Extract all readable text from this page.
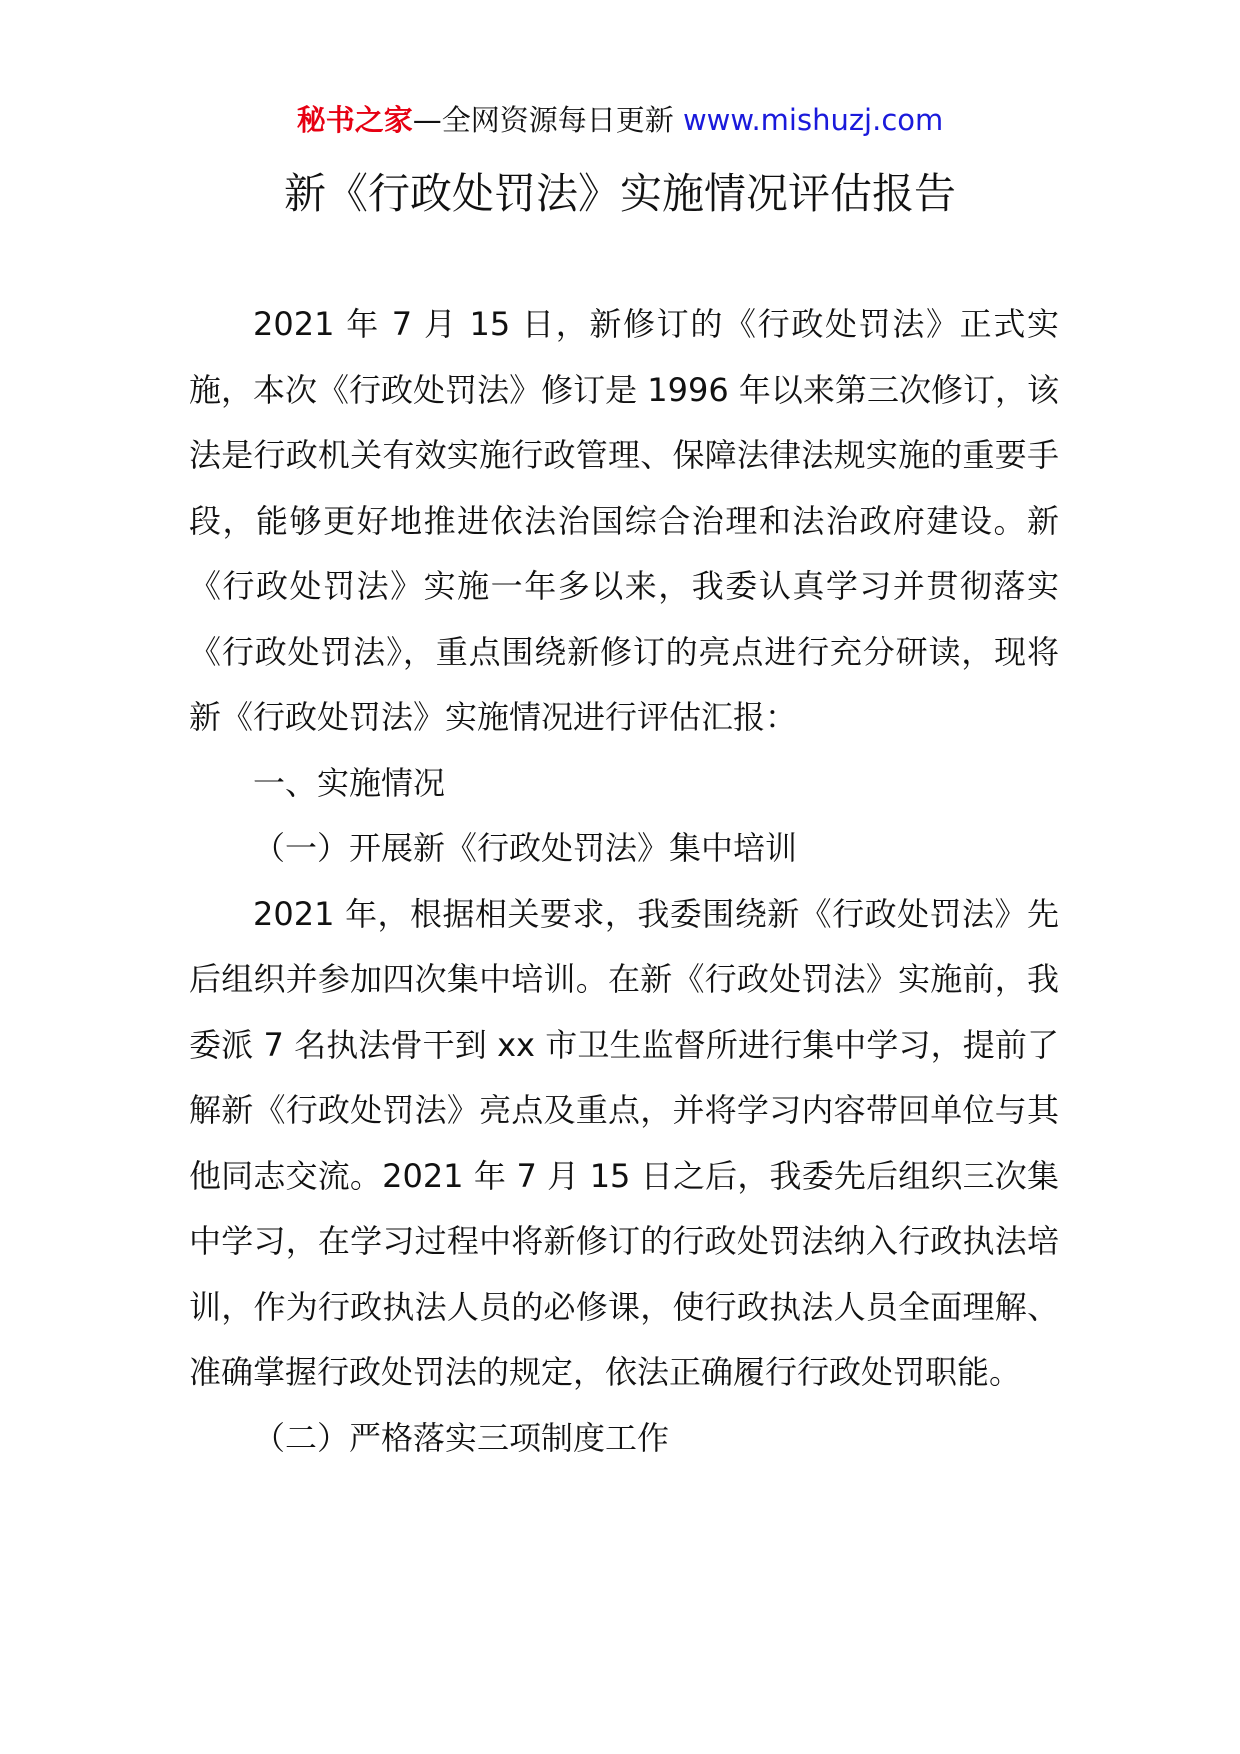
秘书之家—全网资源每日更新 www.mishuzj.com
新《行政处罚法》实施情况评估报告

2021 年 7 月 15 日，新修订的《行政处罚法》正式实施，本次《行政处罚法》修订是 1996 年以来第三次修订，该法是行政机关有效实施行政管理、保障法律法规实施的重要手段，能够更好地推进依法治国综合治理和法治政府建设。新《行政处罚法》实施一年多以来，我委认真学习并贯彻落实《行政处罚法》，重点围绕新修订的亮点进行充分研读，现将新《行政处罚法》实施情况进行评估汇报：

一、实施情况

（一）开展新《行政处罚法》集中培训

2021 年，根据相关要求，我委围绕新《行政处罚法》先后组织并参加四次集中培训。在新《行政处罚法》实施前，我委派 7 名执法骨干到 xx 市卫生监督所进行集中学习，提前了解新《行政处罚法》亮点及重点，并将学习内容带回单位与其他同志交流。2021 年 7 月 15 日之后，我委先后组织三次集中学习，在学习过程中将新修订的行政处罚法纳入行政执法培训，作为行政执法人员的必修课，使行政执法人员全面理解、准确掌握行政处罚法的规定，依法正确履行行政处罚职能。

（二）严格落实三项制度工作
